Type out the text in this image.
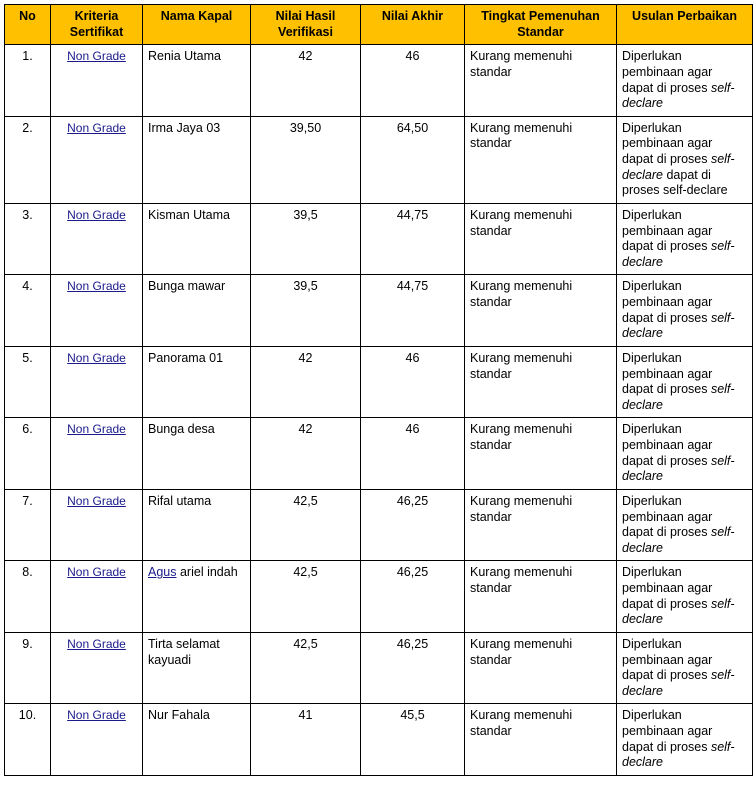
No	Kriteria Sertifikat	Nama Kapal	Nilai Hasil Verifikasi	Nilai Akhir	Tingkat Pemenuhan Standar	Usulan Perbaikan
1.	Non Grade	Renia Utama	42	46	Kurang memenuhi standar	Diperlukan pembinaan agar dapat di proses self-declare
2.	Non Grade	Irma Jaya 03	39,50	64,50	Kurang memenuhi standar	Diperlukan pembinaan agar dapat di proses self-declare dapat di proses self-declare
3.	Non Grade	Kisman Utama	39,5	44,75	Kurang memenuhi standar	Diperlukan pembinaan agar dapat di proses self-declare
4.	Non Grade	Bunga mawar	39,5	44,75	Kurang memenuhi standar	Diperlukan pembinaan agar dapat di proses self-declare
5.	Non Grade	Panorama 01	42	46	Kurang memenuhi standar	Diperlukan pembinaan agar dapat di proses self-declare
6.	Non Grade	Bunga desa	42	46	Kurang memenuhi standar	Diperlukan pembinaan agar dapat di proses self-declare
7.	Non Grade	Rifal utama	42,5	46,25	Kurang memenuhi standar	Diperlukan pembinaan agar dapat di proses self-declare
8.	Non Grade	Agus ariel indah	42,5	46,25	Kurang memenuhi standar	Diperlukan pembinaan agar dapat di proses self-declare
9.	Non Grade	Tirta selamat kayuadi	42,5	46,25	Kurang memenuhi standar	Diperlukan pembinaan agar dapat di proses self-declare
10.	Non Grade	Nur Fahala	41	45,5	Kurang memenuhi standar	Diperlukan pembinaan agar dapat di proses self-declare
